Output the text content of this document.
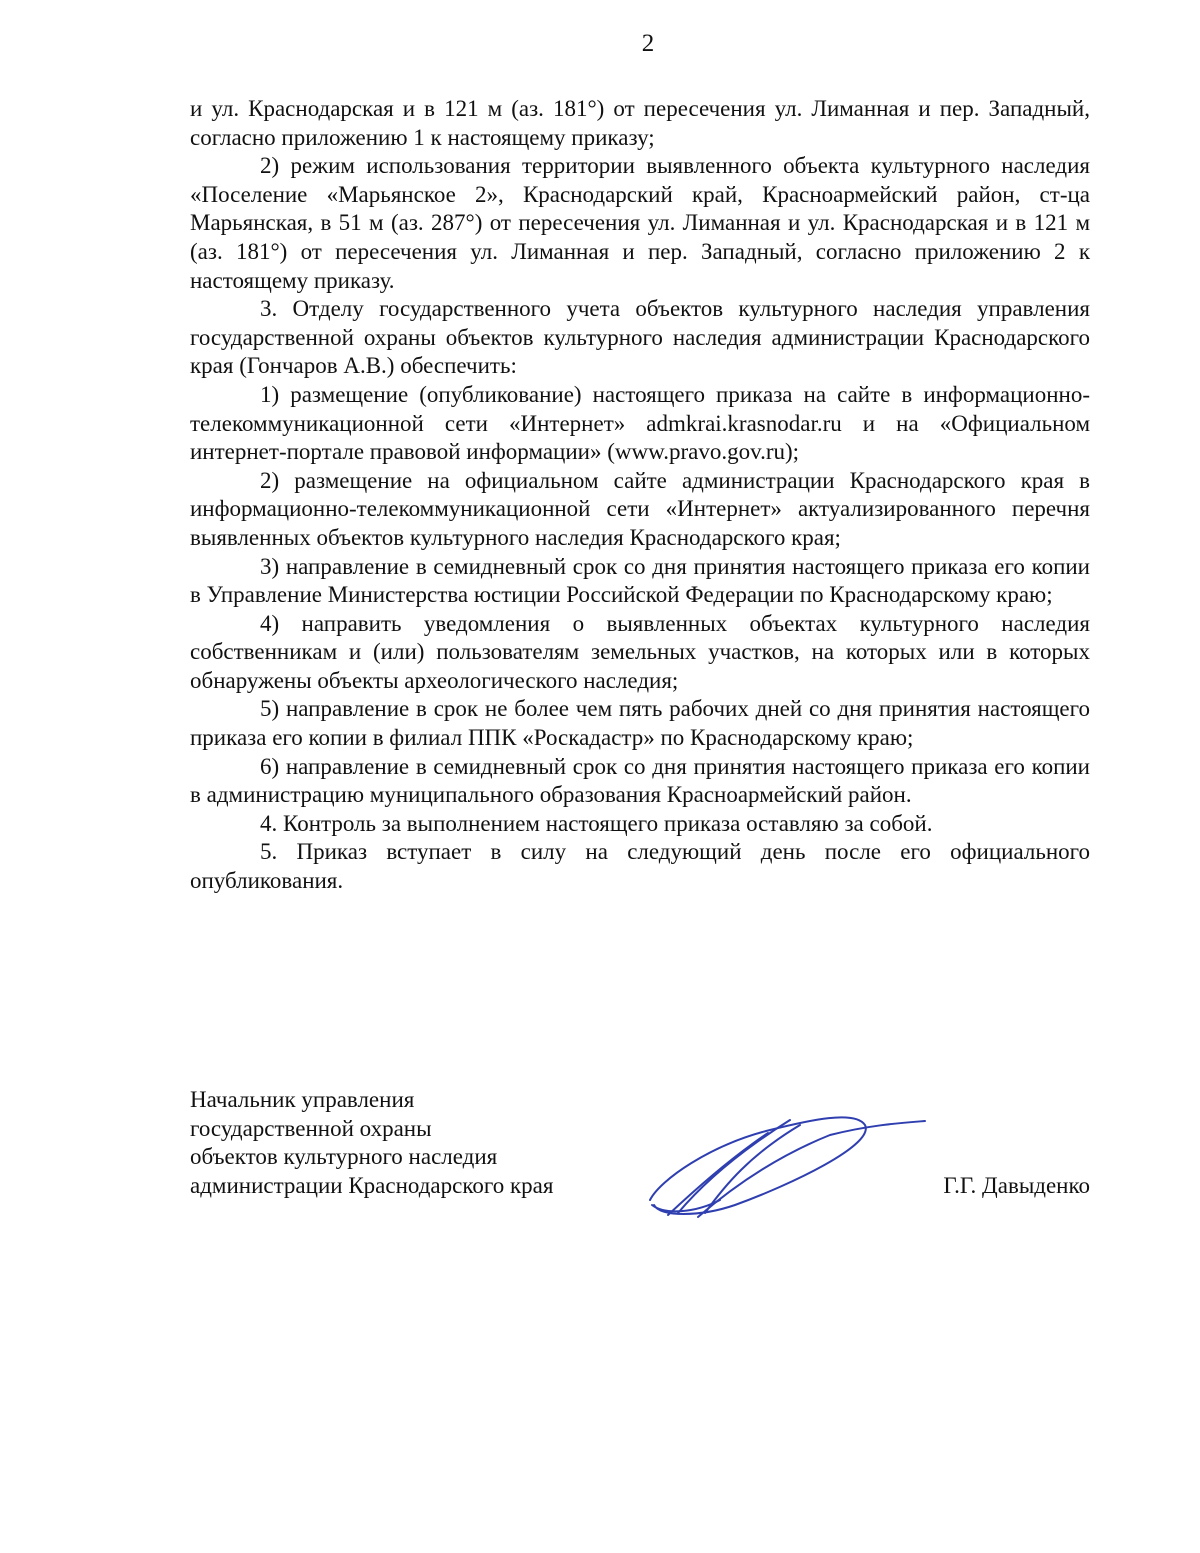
2

и ул. Краснодарская и в 121 м (аз. 181°) от пересечения ул. Лиманная и пер. Западный, согласно приложению 1 к настоящему приказу;

2) режим использования территории выявленного объекта культурного наследия «Поселение «Марьянское 2», Краснодарский край, Красноармейский район, ст-ца Марьянская, в 51 м (аз. 287°) от пересечения ул. Лиманная и ул. Краснодарская и в 121 м (аз. 181°) от пересечения ул. Лиманная и пер. Западный, согласно приложению 2 к настоящему приказу.

3. Отделу государственного учета объектов культурного наследия управления государственной охраны объектов культурного наследия администрации Краснодарского края (Гончаров А.В.) обеспечить:

1) размещение (опубликование) настоящего приказа на сайте в информационно-телекоммуникационной сети «Интернет» admkrai.krasnodar.ru и на «Официальном интернет-портале правовой информации» (www.pravo.gov.ru);

2) размещение на официальном сайте администрации Краснодарского края в информационно-телекоммуникационной сети «Интернет» актуализированного перечня выявленных объектов культурного наследия Краснодарского края;

3) направление в семидневный срок со дня принятия настоящего приказа его копии в Управление Министерства юстиции Российской Федерации по Краснодарскому краю;

4) направить уведомления о выявленных объектах культурного наследия собственникам и (или) пользователям земельных участков, на которых или в которых обнаружены объекты археологического наследия;

5) направление в срок не более чем пять рабочих дней со дня принятия настоящего приказа его копии в филиал ППК «Роскадастр» по Краснодарскому краю;

6) направление в семидневный срок со дня принятия настоящего приказа его копии в администрацию муниципального образования Красноармейский район.

4. Контроль за выполнением настоящего приказа оставляю за собой.

5. Приказ вступает в силу на следующий день после его официального опубликования.

Начальник управления
государственной охраны
объектов культурного наследия
администрации Краснодарского края	Г.Г. Давыденко
